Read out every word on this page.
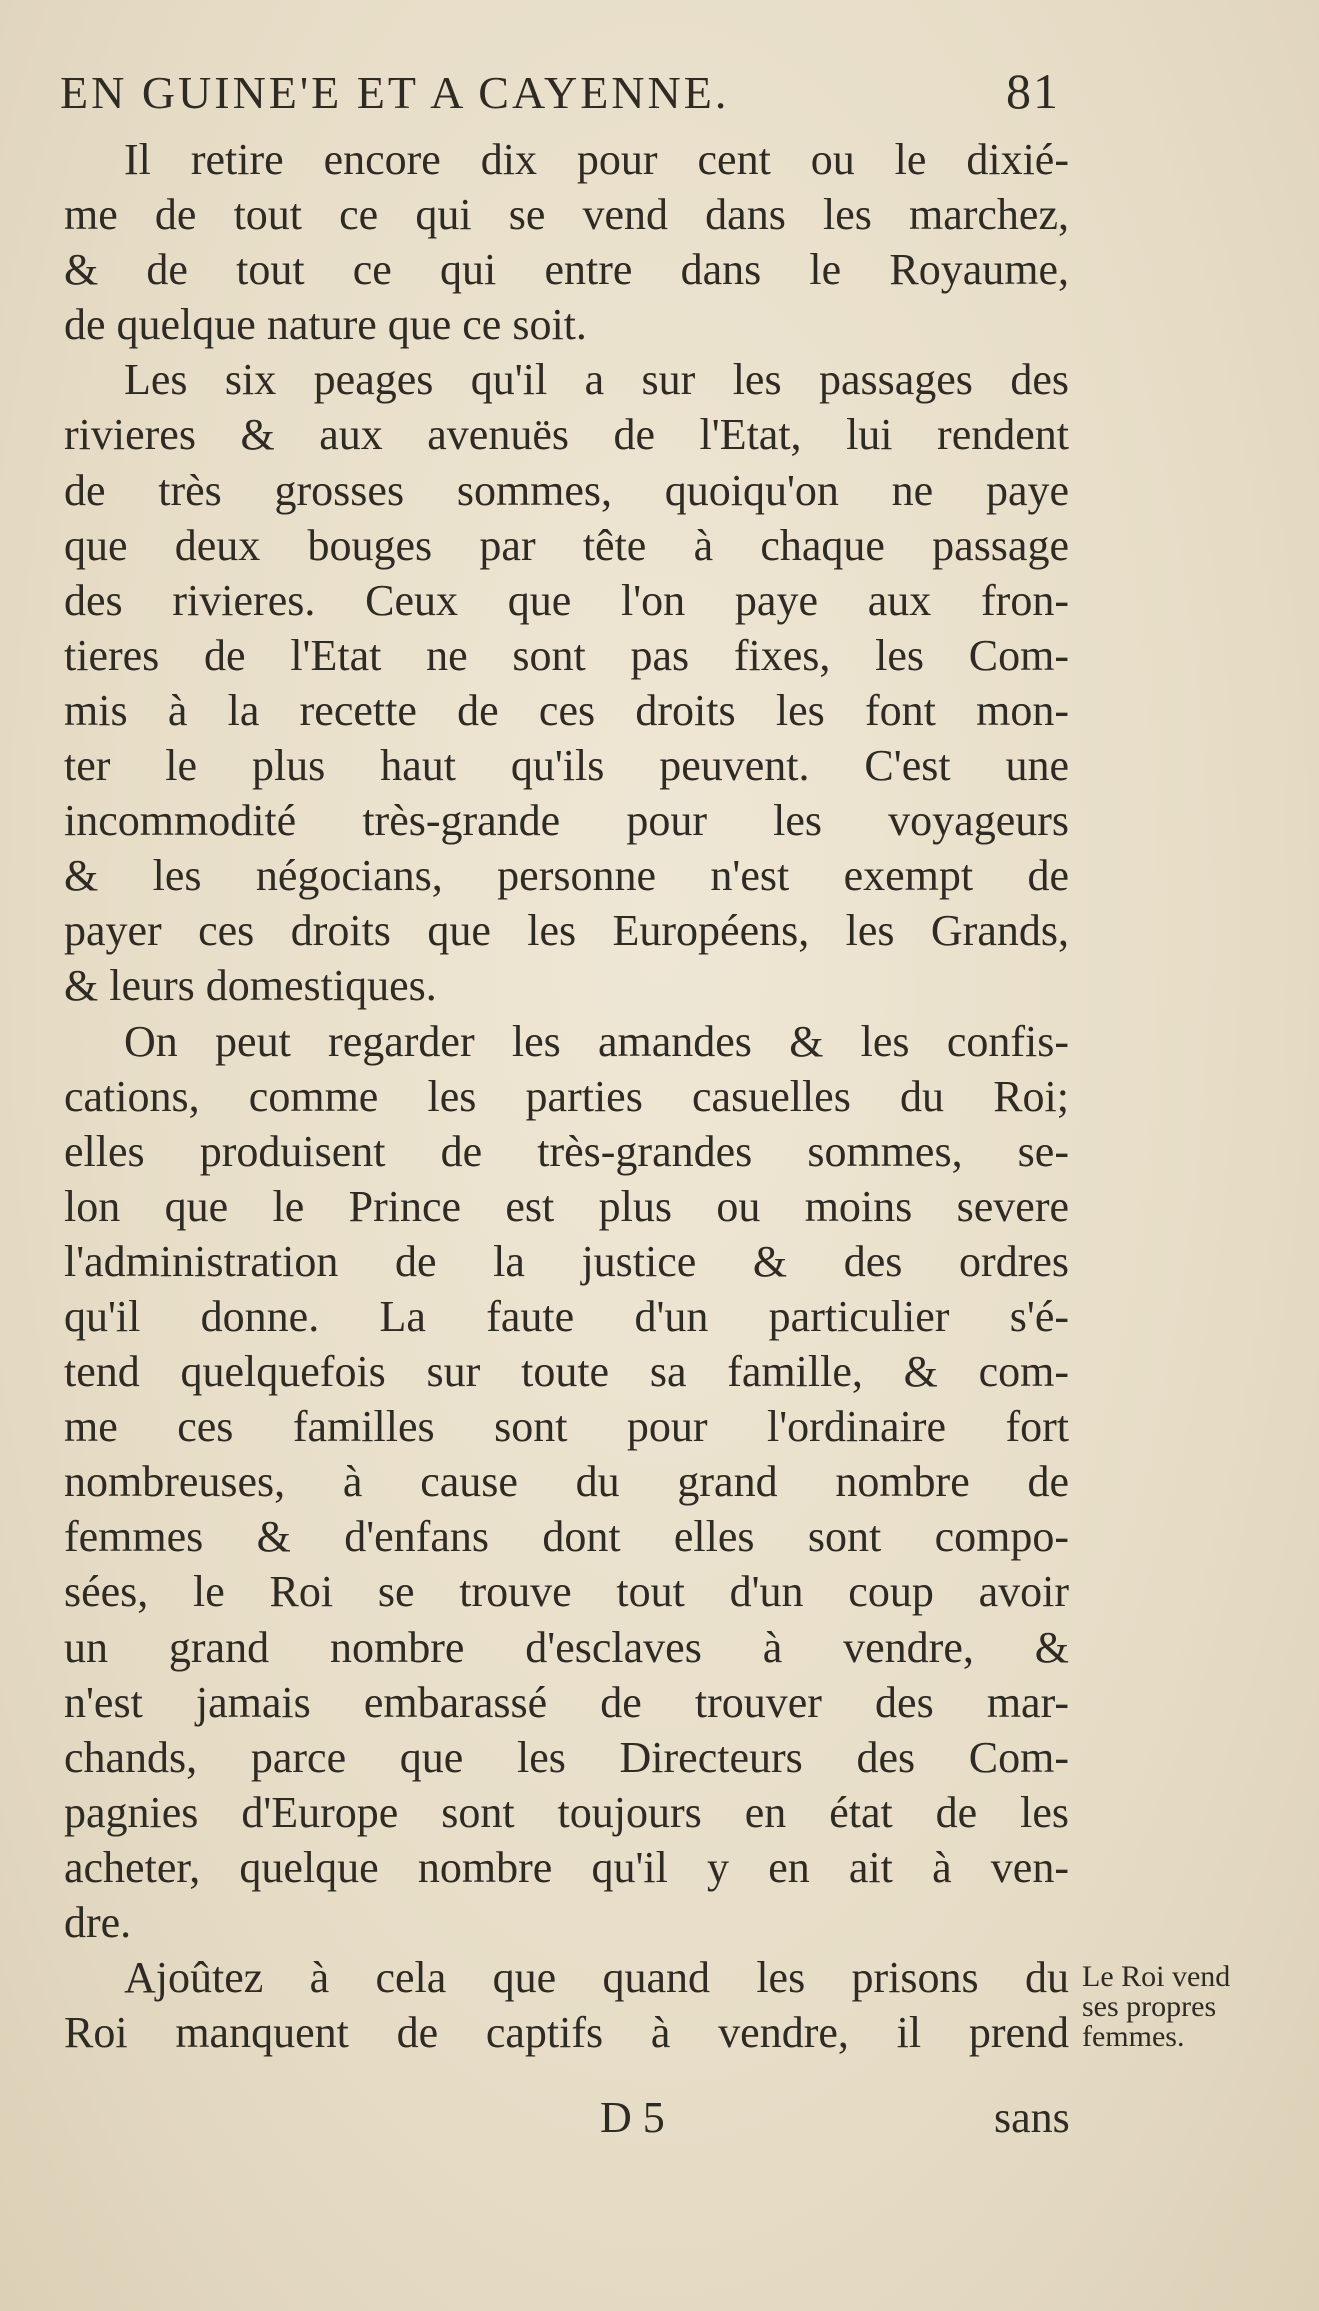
EN GUINE'E ET A CAYENNE.	81
Il retire encore dix pour cent ou le dixié-
me de tout ce qui se vend dans les marchez,
& de tout ce qui entre dans le Royaume,
de quelque nature que ce soit.
Les six peages qu'il a sur les passages des
rivieres & aux avenuës de l'Etat, lui rendent
de très grosses sommes, quoiqu'on ne paye
que deux bouges par tête à chaque passage
des rivieres. Ceux que l'on paye aux fron-
tieres de l'Etat ne sont pas fixes, les Com-
mis à la recette de ces droits les font mon-
ter le plus haut qu'ils peuvent. C'est une
incommodité très-grande pour les voyageurs
& les négocians, personne n'est exempt de
payer ces droits que les Européens, les Grands,
& leurs domestiques.
On peut regarder les amandes & les confis-
cations, comme les parties casuelles du Roi;
elles produisent de très-grandes sommes, se-
lon que le Prince est plus ou moins severe
l'administration de la justice & des ordres
qu'il donne. La faute d'un particulier s'é-
tend quelquefois sur toute sa famille, & com-
me ces familles sont pour l'ordinaire fort
nombreuses, à cause du grand nombre de
femmes & d'enfans dont elles sont compo-
sées, le Roi se trouve tout d'un coup avoir
un grand nombre d'esclaves à vendre, &
n'est jamais embarassé de trouver des mar-
chands, parce que les Directeurs des Com-
pagnies d'Europe sont toujours en état de les
acheter, quelque nombre qu'il y en ait à ven-
dre.
Ajoûtez à cela que quand les prisons du
Roi manquent de captifs à vendre, il prend
Le Roi vend
ses propres
femmes.
D 5	sans
